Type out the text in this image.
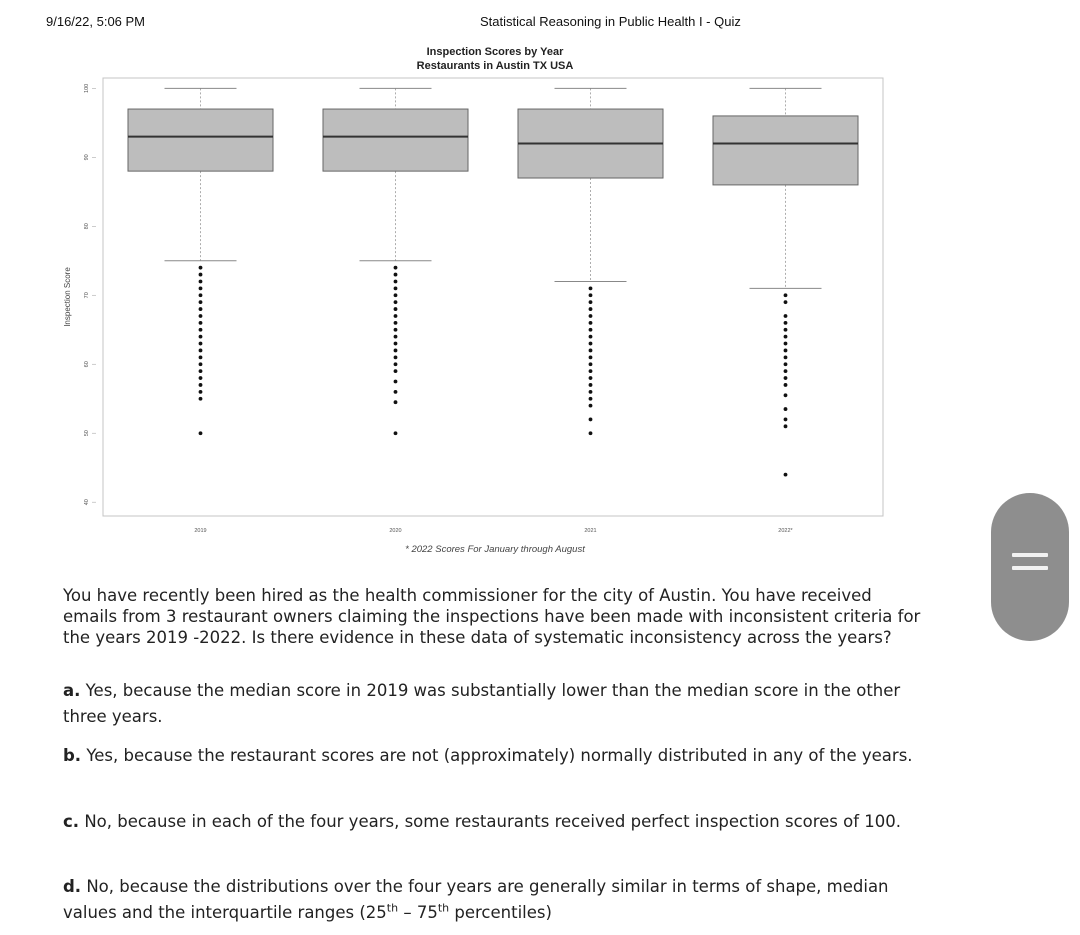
9/16/22, 5:06 PM	Statistical Reasoning in Public Health I - Quiz
Inspection Scores by Year
Restaurants in Austin TX USA
Inspection Score
40
50
60
70
80
90
100
2019	2020	2021	2022*
* 2022 Scores For January through August
You have recently been hired as the health commissioner for the city of Austin. You have received emails from 3 restaurant owners claiming the inspections have been made with inconsistent criteria for the years 2019 -2022. Is there evidence in these data of systematic inconsistency across the years?
a. Yes, because the median score in 2019 was substantially lower than the median score in the other three years.
b. Yes, because the restaurant scores are not (approximately) normally distributed in any of the years.
c. No, because in each of the four years, some restaurants received perfect inspection scores of 100.
d. No, because the distributions over the four years are generally similar in terms of shape, median values and the interquartile ranges (25th – 75th percentiles)
